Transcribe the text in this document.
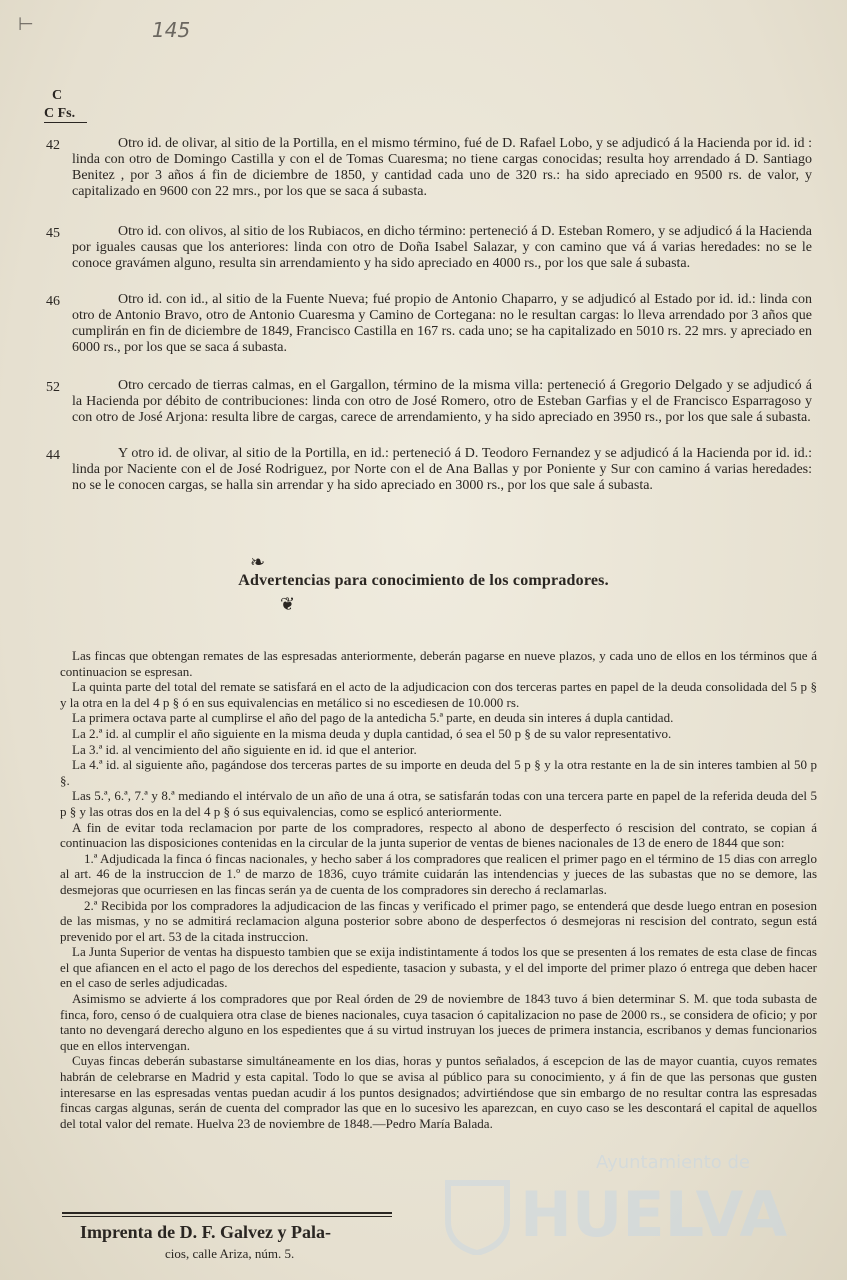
⊢	145
C
C Fs.
42	Otro id. de olivar, al sitio de la Portilla, en el mismo término, fué de D. Rafael Lobo, y se adjudicó á la Hacienda por id. id : linda con otro de Domingo Castilla y con el de Tomas Cuaresma; no tiene cargas conocidas; resulta hoy arrendado á D. Santiago Benitez , por 3 años á fin de diciembre de 1850, y cantidad cada uno de 320 rs.: ha sido apreciado en 9500 rs. de valor, y capitalizado en 9600 con 22 mrs., por los que se saca á subasta.

45	Otro id. con olivos, al sitio de los Rubiacos, en dicho término: perteneció á D. Esteban Romero, y se adjudicó á la Hacienda por iguales causas que los anteriores: linda con otro de Doña Isabel Salazar, y con camino que vá á varias heredades: no se le conoce gravámen alguno, resulta sin arrendamiento y ha sido apreciado en 4000 rs., por los que sale á subasta.

46	Otro id. con id., al sitio de la Fuente Nueva; fué propio de Antonio Chaparro, y se adjudicó al Estado por id. id.: linda con otro de Antonio Bravo, otro de Antonio Cuaresma y Camino de Cortegana: no le resultan cargas: lo lleva arrendado por 3 años que cumplirán en fin de diciembre de 1849, Francisco Castilla en 167 rs. cada uno; se ha capitalizado en 5010 rs. 22 mrs. y apreciado en 6000 rs., por los que se saca á subasta.

52	Otro cercado de tierras calmas, en el Gargallon, término de la misma villa: perteneció á Gregorio Delgado y se adjudicó á la Hacienda por débito de contribuciones: linda con otro de José Romero, otro de Esteban Garfias y el de Francisco Esparragoso y con otro de José Arjona: resulta libre de cargas, carece de arrendamiento, y ha sido apreciado en 3950 rs., por los que sale á subasta.

44	Y otro id. de olivar, al sitio de la Portilla, en id.: perteneció á D. Teodoro Fernandez y se adjudicó á la Hacienda por id. id.: linda por Naciente con el de José Rodriguez, por Norte con el de Ana Ballas y por Poniente y Sur con camino á varias heredades: no se le conocen cargas, se halla sin arrendar y ha sido apreciado en 3000 rs., por los que sale á subasta.

❧
Advertencias para conocimiento de los compradores.
❦

Las fincas que obtengan remates de las espresadas anteriormente, deberán pagarse en nueve plazos, y cada uno de ellos en los términos que á continuacion se espresan.

La quinta parte del total del remate se satisfará en el acto de la adjudicacion con dos terceras partes en papel de la deuda consolidada del 5 p § y la otra en la del 4 p § ó en sus equivalencias en metálico si no escediesen de 10.000 rs.

La primera octava parte al cumplirse el año del pago de la antedicha 5.ª parte, en deuda sin interes á dupla cantidad.

La 2.ª id. al cumplir el año siguiente en la misma deuda y dupla cantidad, ó sea el 50 p § de su valor representativo.

La 3.ª id. al vencimiento del año siguiente en id. id que el anterior.

La 4.ª id. al siguiente año, pagándose dos terceras partes de su importe en deuda del 5 p § y la otra restante en la de sin interes tambien al 50 p §.

Las 5.ª, 6.ª, 7.ª y 8.ª mediando el intérvalo de un año de una á otra, se satisfarán todas con una tercera parte en papel de la referida deuda del 5 p § y las otras dos en la del 4 p § ó sus equivalencias, como se esplicó anteriormente.

A fin de evitar toda reclamacion por parte de los compradores, respecto al abono de desperfecto ó rescision del contrato, se copian á continuacion las disposiciones contenidas en la circular de la junta superior de ventas de bienes nacionales de 13 de enero de 1844 que son:

1.ª Adjudicada la finca ó fincas nacionales, y hecho saber á los compradores que realicen el primer pago en el término de 15 dias con arreglo al art. 46 de la instruccion de 1.º de marzo de 1836, cuyo trámite cuidarán las intendencias y jueces de las subastas que no se demore, las desmejoras que ocurriesen en las fincas serán ya de cuenta de los compradores sin derecho á reclamarlas.

2.ª Recibida por los compradores la adjudicacion de las fincas y verificado el primer pago, se entenderá que desde luego entran en posesion de las mismas, y no se admitirá reclamacion alguna posterior sobre abono de desperfectos ó desmejoras ni rescision del contrato, segun está prevenido por el art. 53 de la citada instruccion.

La Junta Superior de ventas ha dispuesto tambien que se exija indistintamente á todos los que se presenten á los remates de esta clase de fincas el que afiancen en el acto el pago de los derechos del espediente, tasacion y subasta, y el del importe del primer plazo ó entrega que deben hacer en el caso de serles adjudicadas.

Asimismo se advierte á los compradores que por Real órden de 29 de noviembre de 1843 tuvo á bien determinar S. M. que toda subasta de finca, foro, censo ó de cualquiera otra clase de bienes nacionales, cuya tasacion ó capitalizacion no pase de 2000 rs., se considera de oficio; y por tanto no devengará derecho alguno en los espedientes que á su virtud instruyan los jueces de primera instancia, escribanos y demas funcionarios que en ellos intervengan.

Cuyas fincas deberán subastarse simultáneamente en los dias, horas y puntos señalados, á escepcion de las de mayor cuantia, cuyos remates habrán de celebrarse en Madrid y esta capital. Todo lo que se avisa al público para su conocimiento, y á fin de que las personas que gusten interesarse en las espresadas ventas puedan acudir á los puntos designados; advirtiéndose que sin embargo de no resultar contra las espresadas fincas cargas algunas, serán de cuenta del comprador las que en lo sucesivo les aparezcan, en cuyo caso se les descontará el capital de aquellos del total valor del remate. Huelva 23 de noviembre de 1848.—Pedro María Balada.

Imprenta de D. F. Galvez y Pala-
cios, calle Ariza, núm. 5.
Ayuntamiento de
HUELVA
